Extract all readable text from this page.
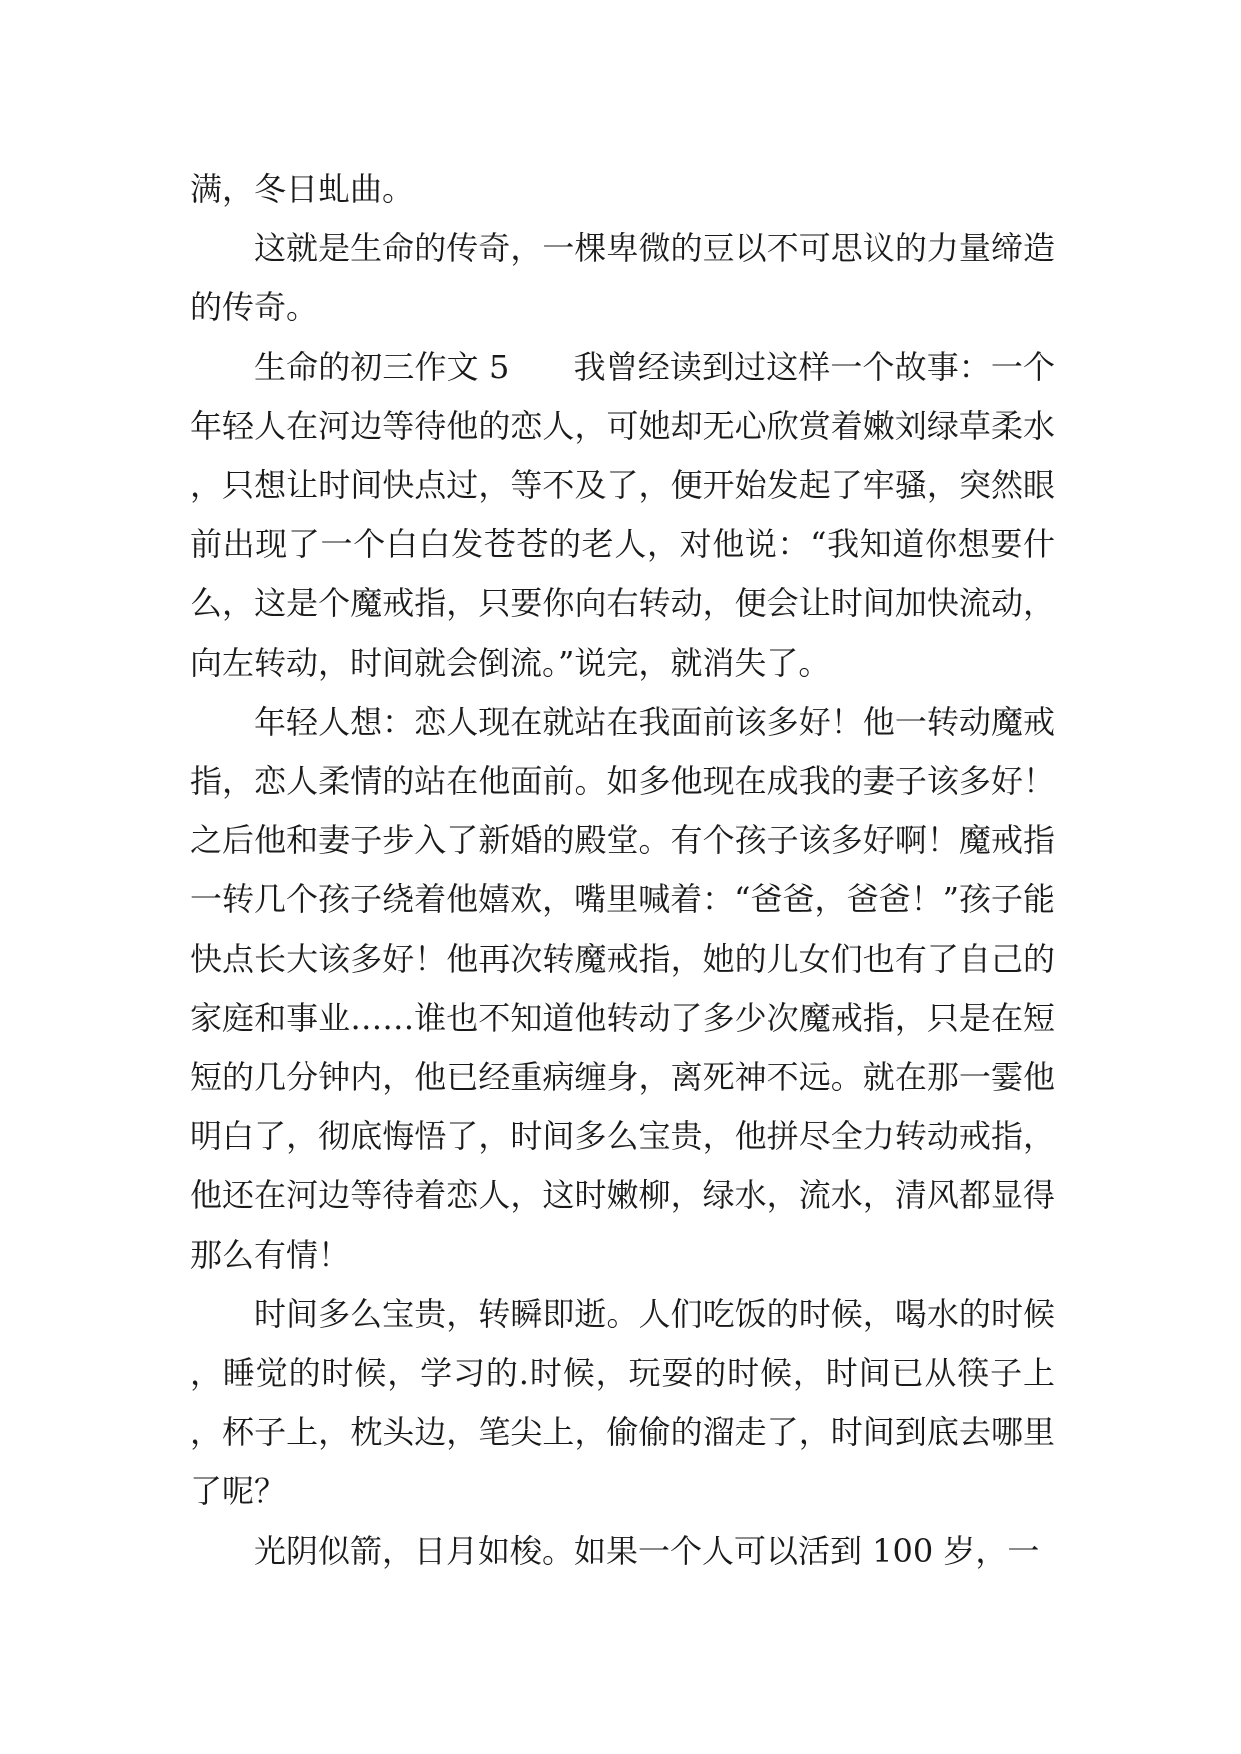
满，冬日虬曲。

这就是生命的传奇，一棵卑微的豆以不可思议的力量缔造的传奇。

生命的初三作文 5　　我曾经读到过这样一个故事：一个年轻人在河边等待他的恋人，可她却无心欣赏着嫩刘绿草柔水，只想让时间快点过，等不及了，便开始发起了牢骚，突然眼前出现了一个白白发苍苍的老人，对他说：“我知道你想要什么，这是个魔戒指，只要你向右转动，便会让时间加快流动，向左转动，时间就会倒流。”说完，就消失了。

年轻人想：恋人现在就站在我面前该多好！他一转动魔戒指，恋人柔情的站在他面前。如多他现在成我的妻子该多好！之后他和妻子步入了新婚的殿堂。有个孩子该多好啊！魔戒指一转几个孩子绕着他嬉欢，嘴里喊着：“爸爸，爸爸！”孩子能快点长大该多好！他再次转魔戒指，她的儿女们也有了自己的家庭和事业……谁也不知道他转动了多少次魔戒指，只是在短短的几分钟内，他已经重病缠身，离死神不远。就在那一霎他明白了，彻底悔悟了，时间多么宝贵，他拼尽全力转动戒指，他还在河边等待着恋人，这时嫩柳，绿水，流水，清风都显得那么有情！

时间多么宝贵，转瞬即逝。人们吃饭的时候，喝水的时候，睡觉的时候，学习的.时候，玩耍的时候，时间已从筷子上，杯子上，枕头边，笔尖上，偷偷的溜走了，时间到底去哪里了呢？

光阴似箭，日月如梭。如果一个人可以活到 100 岁，一
